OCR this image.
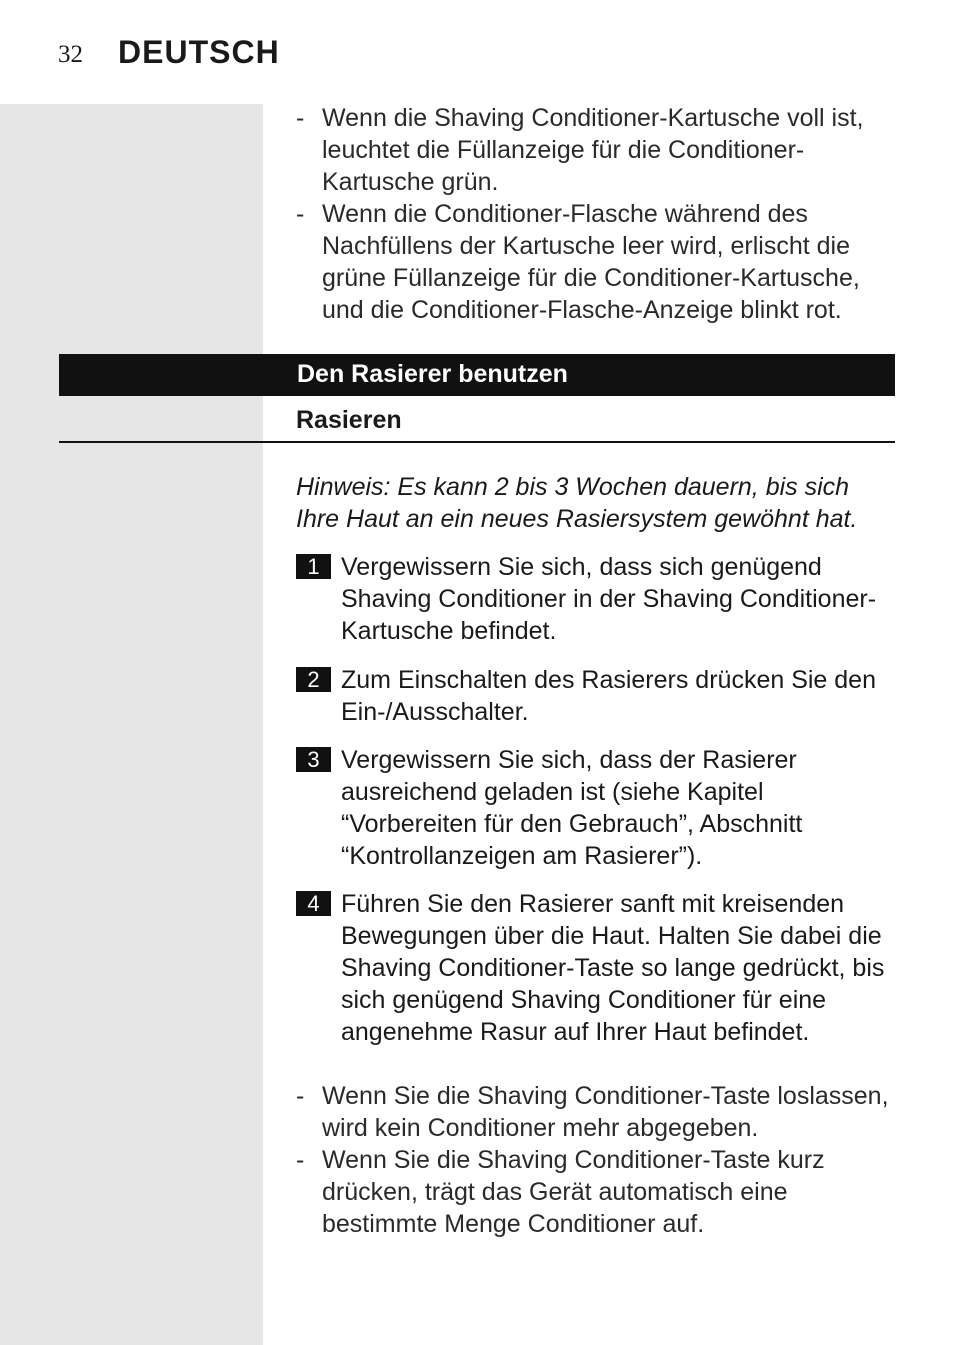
32 DEUTSCH
- Wenn die Shaving Conditioner-Kartusche voll ist, leuchtet die Füllanzeige für die Conditioner-Kartusche grün.
- Wenn die Conditioner-Flasche während des Nachfüllens der Kartusche leer wird, erlischt die grüne Füllanzeige für die Conditioner-Kartusche, und die Conditioner-Flasche-Anzeige blinkt rot.
Den Rasierer benutzen
Rasieren
Hinweis: Es kann 2 bis 3 Wochen dauern, bis sich Ihre Haut an ein neues Rasiersystem gewöhnt hat.
1 Vergewissern Sie sich, dass sich genügend Shaving Conditioner in der Shaving Conditioner-Kartusche befindet.
2 Zum Einschalten des Rasierers drücken Sie den Ein-/Ausschalter.
3 Vergewissern Sie sich, dass der Rasierer ausreichend geladen ist (siehe Kapitel “Vorbereiten für den Gebrauch”, Abschnitt “Kontrollanzeigen am Rasierer”).
4 Führen Sie den Rasierer sanft mit kreisenden Bewegungen über die Haut. Halten Sie dabei die Shaving Conditioner-Taste so lange gedrückt, bis sich genügend Shaving Conditioner für eine angenehme Rasur auf Ihrer Haut befindet.
- Wenn Sie die Shaving Conditioner-Taste loslassen, wird kein Conditioner mehr abgegeben.
- Wenn Sie die Shaving Conditioner-Taste kurz drücken, trägt das Gerät automatisch eine bestimmte Menge Conditioner auf.
